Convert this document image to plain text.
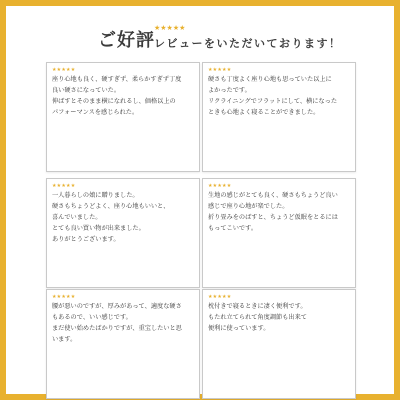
ご好評
★★★★★
レビューをいただいております！
★★★★★
座り心地も良く、硬すぎず、柔らかすぎず丁度
良い硬さになっていた。
伸ばすとそのまま横になれるし、価格以上の
パフォーマンスを感じられた。
★★★★★
硬さも丁度よく座り心地も思っていた以上に
よかったです。
リクライニングでフラットにして、横になった
ときも心地よく寝ることができました。
★★★★★
一人暮らしの娘に贈りました。
硬さもちょうどよく、座り心地もいいと、
喜んでいました。
とても良い買い物が出来ました。
ありがとうございます。
★★★★★
生地の感じがとても良く、硬さもちょうど良い
感じで座り心地が楽でした。
折り畳みをのばすと、ちょうど仮眠をとるには
もってこいです。
★★★★★
腰が悪いのですが、厚みがあって、適度な硬さ
もあるので、いい感じです。
まだ使い始めたばかりですが、重宝したいと思
います。
★★★★★
枕付きで寝るときに凄く便利です。
もたれ立てられて角度調節も出来て
便利に使っています。
